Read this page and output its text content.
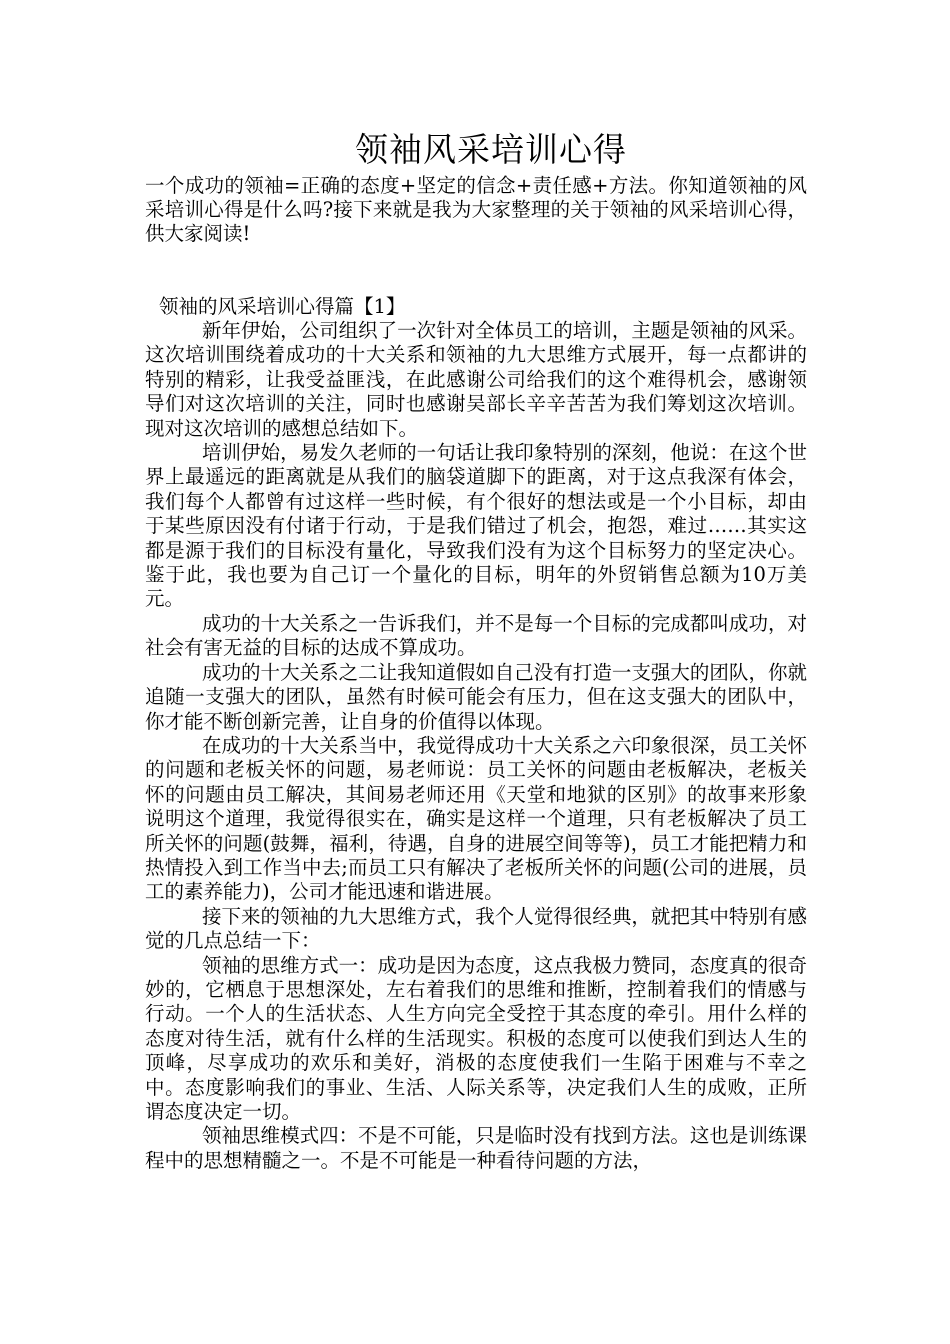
领袖风采培训心得

一个成功的领袖=正确的态度+坚定的信念+责任感+方法。你知道领袖的风采培训心得是什么吗?接下来就是我为大家整理的关于领袖的风采培训心得，供大家阅读!

领袖的风采培训心得篇【1】

新年伊始，公司组织了一次针对全体员工的培训，主题是领袖的风采。这次培训围绕着成功的十大关系和领袖的九大思维方式展开，每一点都讲的特别的精彩，让我受益匪浅，在此感谢公司给我们的这个难得机会，感谢领导们对这次培训的关注，同时也感谢吴部长辛辛苦苦为我们筹划这次培训。现对这次培训的感想总结如下。

培训伊始，易发久老师的一句话让我印象特别的深刻，他说：在这个世界上最遥远的距离就是从我们的脑袋道脚下的距离，对于这点我深有体会，我们每个人都曾有过这样一些时候，有个很好的想法或是一个小目标，却由于某些原因没有付诸于行动，于是我们错过了机会，抱怨，难过……其实这都是源于我们的目标没有量化，导致我们没有为这个目标努力的坚定决心。鉴于此，我也要为自己订一个量化的目标，明年的外贸销售总额为10万美元。

成功的十大关系之一告诉我们，并不是每一个目标的完成都叫成功，对社会有害无益的目标的达成不算成功。

成功的十大关系之二让我知道假如自己没有打造一支强大的团队，你就追随一支强大的团队，虽然有时候可能会有压力，但在这支强大的团队中，你才能不断创新完善，让自身的价值得以体现。

在成功的十大关系当中，我觉得成功十大关系之六印象很深，员工关怀的问题和老板关怀的问题，易老师说：员工关怀的问题由老板解决，老板关怀的问题由员工解决，其间易老师还用《天堂和地狱的区别》的故事来形象说明这个道理，我觉得很实在，确实是这样一个道理，只有老板解决了员工所关怀的问题(鼓舞，福利，待遇，自身的进展空间等等)，员工才能把精力和热情投入到工作当中去;而员工只有解决了老板所关怀的问题(公司的进展，员工的素养能力)，公司才能迅速和谐进展。

接下来的领袖的九大思维方式，我个人觉得很经典，就把其中特别有感觉的几点总结一下：

领袖的思维方式一：成功是因为态度，这点我极力赞同，态度真的很奇妙的，它栖息于思想深处，左右着我们的思维和推断，控制着我们的情感与行动。一个人的生活状态、人生方向完全受控于其态度的牵引。用什么样的态度对待生活，就有什么样的生活现实。积极的态度可以使我们到达人生的顶峰，尽享成功的欢乐和美好，消极的态度使我们一生陷于困难与不幸之中。态度影响我们的事业、生活、人际关系等，决定我们人生的成败，正所谓态度决定一切。

领袖思维模式四：不是不可能，只是临时没有找到方法。这也是训练课程中的思想精髓之一。不是不可能是一种看待问题的方法，
